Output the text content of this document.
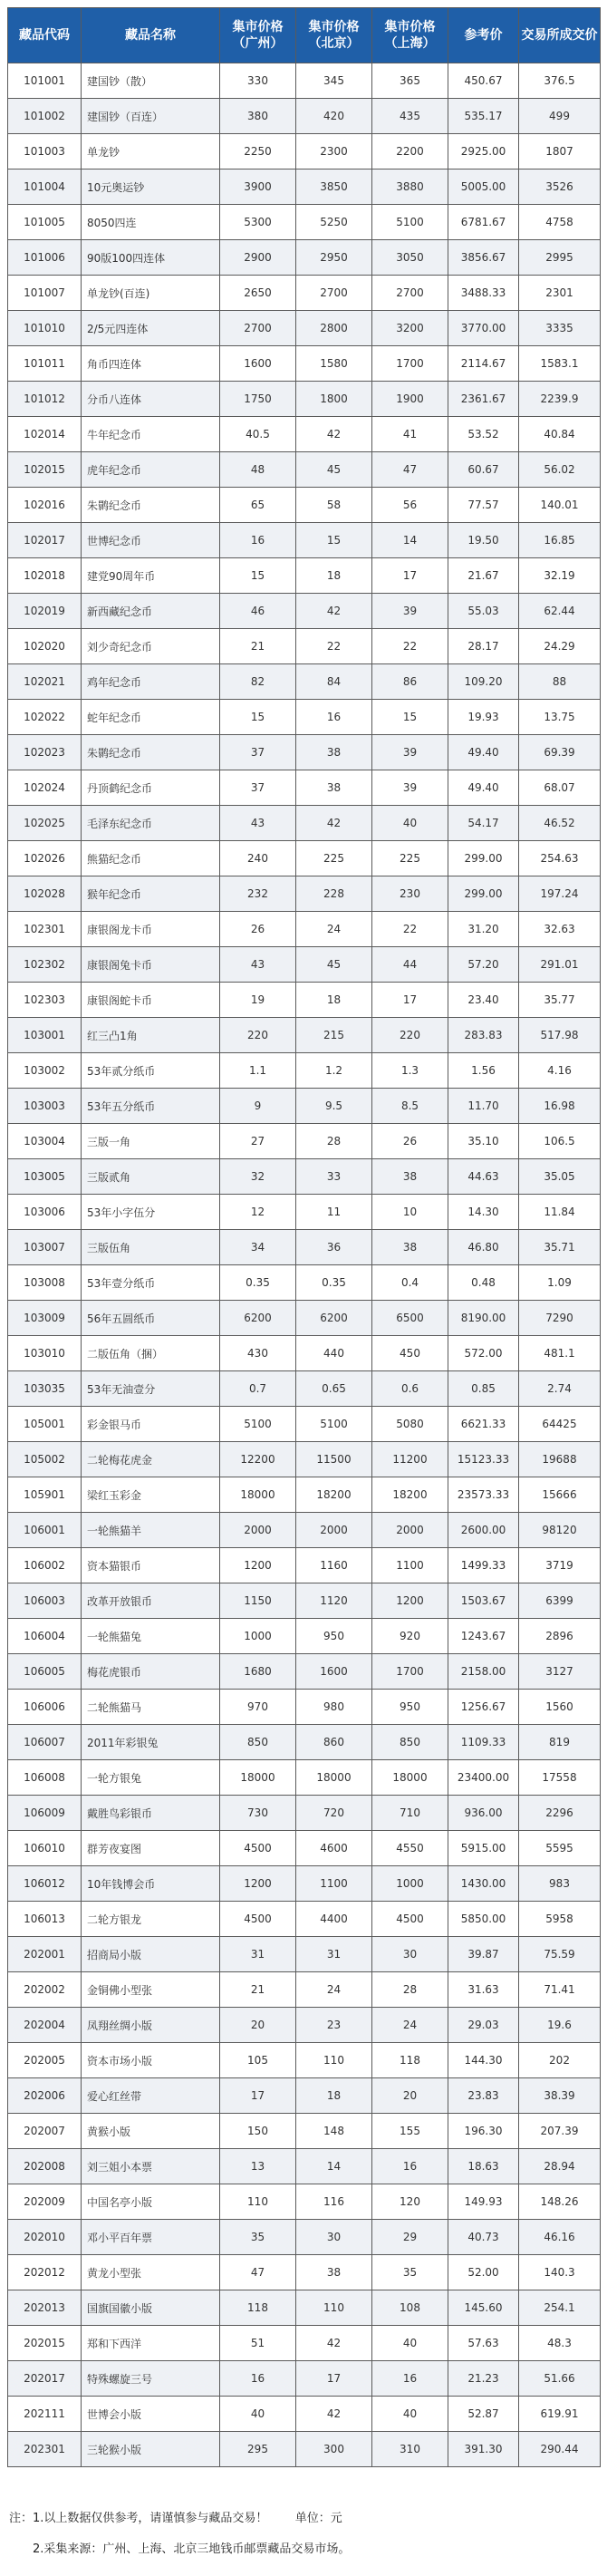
藏品代码	藏品名称	集市价格（广州）	集市价格（北京）	集市价格（上海）	参考价	交易所成交价
101001	建国钞（散）	330	345	365	450.67	376.5
101002	建国钞（百连）	380	420	435	535.17	499
101003	单龙钞	2250	2300	2200	2925.00	1807
101004	10元奥运钞	3900	3850	3880	5005.00	3526
101005	8050四连	5300	5250	5100	6781.67	4758
101006	90版100四连体	2900	2950	3050	3856.67	2995
101007	单龙钞(百连)	2650	2700	2700	3488.33	2301
101010	2/5元四连体	2700	2800	3200	3770.00	3335
101011	角币四连体	1600	1580	1700	2114.67	1583.1
101012	分币八连体	1750	1800	1900	2361.67	2239.9
102014	牛年纪念币	40.5	42	41	53.52	40.84
102015	虎年纪念币	48	45	47	60.67	56.02
102016	朱鹮纪念币	65	58	56	77.57	140.01
102017	世博纪念币	16	15	14	19.50	16.85
102018	建党90周年币	15	18	17	21.67	32.19
102019	新西藏纪念币	46	42	39	55.03	62.44
102020	刘少奇纪念币	21	22	22	28.17	24.29
102021	鸡年纪念币	82	84	86	109.20	88
102022	蛇年纪念币	15	16	15	19.93	13.75
102023	朱鹮纪念币	37	38	39	49.40	69.39
102024	丹顶鹤纪念币	37	38	39	49.40	68.07
102025	毛泽东纪念币	43	42	40	54.17	46.52
102026	熊猫纪念币	240	225	225	299.00	254.63
102028	猴年纪念币	232	228	230	299.00	197.24
102301	康银阁龙卡币	26	24	22	31.20	32.63
102302	康银阁兔卡币	43	45	44	57.20	291.01
102303	康银阁蛇卡币	19	18	17	23.40	35.77
103001	红三凸1角	220	215	220	283.83	517.98
103002	53年贰分纸币	1.1	1.2	1.3	1.56	4.16
103003	53年五分纸币	9	9.5	8.5	11.70	16.98
103004	三版一角	27	28	26	35.10	106.5
103005	三版贰角	32	33	38	44.63	35.05
103006	53年小字伍分	12	11	10	14.30	11.84
103007	三版伍角	34	36	38	46.80	35.71
103008	53年壹分纸币	0.35	0.35	0.4	0.48	1.09
103009	56年五圆纸币	6200	6200	6500	8190.00	7290
103010	二版伍角（捆）	430	440	450	572.00	481.1
103035	53年无油壹分	0.7	0.65	0.6	0.85	2.74
105001	彩金银马币	5100	5100	5080	6621.33	64425
105002	二轮梅花虎金	12200	11500	11200	15123.33	19688
105901	梁红玉彩金	18000	18200	18200	23573.33	15666
106001	一轮熊猫羊	2000	2000	2000	2600.00	98120
106002	资本猫银币	1200	1160	1100	1499.33	3719
106003	改革开放银币	1150	1120	1200	1503.67	6399
106004	一轮熊猫兔	1000	950	920	1243.67	2896
106005	梅花虎银币	1680	1600	1700	2158.00	3127
106006	二轮熊猫马	970	980	950	1256.67	1560
106007	2011年彩银兔	850	860	850	1109.33	819
106008	一轮方银兔	18000	18000	18000	23400.00	17558
106009	戴胜鸟彩银币	730	720	710	936.00	2296
106010	群芳夜宴图	4500	4600	4550	5915.00	5595
106012	10年钱博会币	1200	1100	1000	1430.00	983
106013	二轮方银龙	4500	4400	4500	5850.00	5958
202001	招商局小版	31	31	30	39.87	75.59
202002	金铜佛小型张	21	24	28	31.63	71.41
202004	凤翔丝绸小版	20	23	24	29.03	19.6
202005	资本市场小版	105	110	118	144.30	202
202006	爱心红丝带	17	18	20	23.83	38.39
202007	黄猴小版	150	148	155	196.30	207.39
202008	刘三姐小本票	13	14	16	18.63	28.94
202009	中国名亭小版	110	116	120	149.93	148.26
202010	邓小平百年票	35	30	29	40.73	46.16
202012	黄龙小型张	47	38	35	52.00	140.3
202013	国旗国徽小版	118	110	108	145.60	254.1
202015	郑和下西洋	51	42	40	57.63	48.3
202017	特殊螺旋三号	16	17	16	21.23	51.66
202111	世博会小版	40	42	40	52.87	619.91
202301	三轮猴小版	295	300	310	391.30	290.44
注：1.以上数据仅供参考，请谨慎参与藏品交易！ 单位：元
2.采集来源：广州、上海、北京三地钱币邮票藏品交易市场。
